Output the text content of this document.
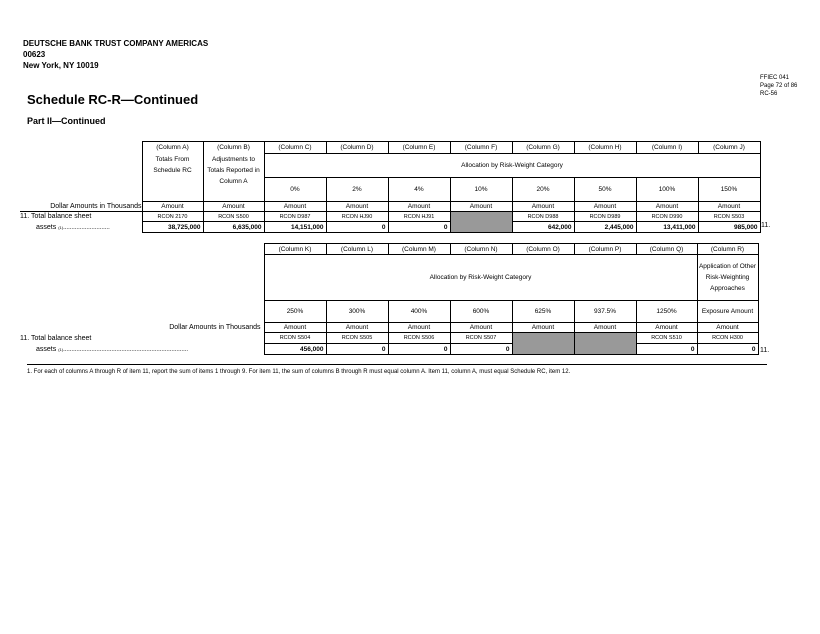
DEUTSCHE BANK TRUST COMPANY AMERICAS
00623
New York, NY 10019
FFIEC 041
Page 72 of 86
RC-56
Schedule RC-R—Continued
Part II—Continued
	(Column A)	(Column B)	(Column C)	(Column D)	(Column E)	(Column F)	(Column G)	(Column H)	(Column I)	(Column J)
	Totals From Schedule RC	Adjustments to Totals Reported in Column A	Allocation by Risk-Weight Category							
			0%	2%	4%	10%	20%	50%	100%	150%
Dollar Amounts in Thousands	Amount	Amount	Amount	Amount	Amount	Amount	Amount	Amount	Amount	Amount
11. Total balance sheet	RCON 2170	RCON S500	RCON D987	RCON HJ90	RCON HJ91		RCON D988	RCON D989	RCON D990	RCON S503
assets (1)............................	38,725,000	6,635,000	14,151,000	0	0		642,000	2,445,000	13,411,000	985,000 11.
	(Column K)	(Column L)	(Column M)	(Column N)	(Column O)	(Column P)	(Column Q)	(Column R)
	Allocation by Risk-Weight Category							Application of Other Risk-Weighting Approaches
	250%	300%	400%	600%	625%	937.5%	1250%	Exposure Amount
Dollar Amounts in Thousands	Amount	Amount	Amount	Amount	Amount	Amount	Amount	Amount
11. Total balance sheet	RCON S504	RCON S505	RCON S506	RCON S507			RCON S510	RCON H300
assets (1)...........................................................................	456,000	0	0	0			0	0 11.
1. For each of columns A through R of item 11, report the sum of items 1 through 9. For item 11, the sum of columns B through R must equal column A. Item 11, column A, must equal Schedule RC, item 12.
